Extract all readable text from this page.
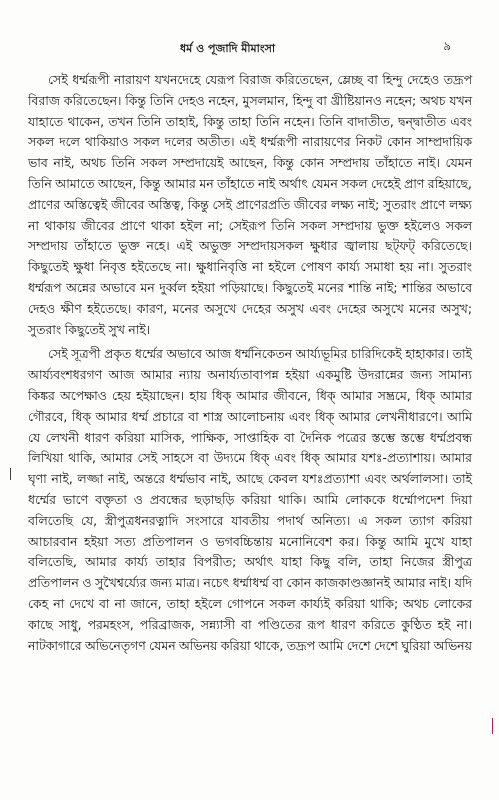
ধর্ম ও পূজাদি মীমাংসা	৯

সেই ধর্ম্মরূপী নারায়ণ যখনদেহে যেরূপ বিরাজ করিতেছেন, ম্লেচ্ছ বা হিন্দু দেহেও তদ্রূপ বিরাজ করিতেছেন। কিন্তু তিনি দেহও নহেন, মুসলমান, হিন্দু বা খ্রীষ্টিয়ানও নহেন; অথচ যখন যাহাতে থাকেন, তখন তিনি তাহাই, কিন্তু তাহা তিনি নহেন। তিনি বাদাতীত, দ্বন্দ্বাতীত এবং সকল দলে থাকিয়াও সকল দলের অতীত। এই ধর্ম্মরূপী নারায়ণের নিকট কোন সাম্প্রদায়িক ভাব নাই, অথচ তিনি সকল সম্প্রদায়েই আছেন, কিন্তু কোন সম্প্রদায় তাঁহাতে নাই। যেমন তিনি আমাতে আছেন, কিন্তু আমার মন তাঁহাতে নাই অর্থাৎ যেমন সকল দেহেই প্রাণ রহিয়াছে, প্রাণের অস্তিত্বেই জীবের অস্তিত্ব, কিন্তু সেই প্রাণেরপ্রতি জীবের লক্ষ্য নাই; সুতরাং প্রাণে লক্ষ্য না থাকায় জীবের প্রাণে থাকা হইল না; সেইরূপ তিনি সকল সম্প্রদায় ভুক্ত হইলেও সকল সম্প্রদায় তাঁহাতে ভুক্ত নহে। এই অভুক্ত সম্প্রদায়সকল ক্ষুধার জ্বালায় ছট্ফট্ করিতেছে। কিছুতেই ক্ষুধা নিবৃত্ত হইতেছে না। ক্ষুধানিবৃত্তি না হইলে পোষণ কার্য্য সমাধা হয় না। সুতরাং ধর্ম্মরূপ অন্নের অভাবে মন দুর্ব্বল হইয়া পড়িয়াছে। কিছুতেই মনের শান্তি নাই; শান্তির অভাবে দেহও ক্ষীণ হইতেছে। কারণ, মনের অসুখে দেহের অসুখ এবং দেহের অসুখে মনের অসুখ; সুতরাং কিছুতেই সুখ নাই।

সেই সূত্রপী প্রকৃত ধর্ম্মের অভাবে আজ ধর্ম্মনিকেতন আর্য্যভূমির চারিদিকেই হাহাকার। তাই আর্য্যবংশধরগণ আজ আমার ন্যায় অনার্য্যতাবাপন্ন হইয়া একমুষ্টি উদরান্নের জন্য সামান্য কিঙ্কর অপেক্ষাও হেয় হইয়াছেন। হায় ধিক্ আমার জীবনে, ধিক্ আমার সম্ভ্রমে, ধিক্ আমার গৌরবে, ধিক্ আমার ধর্ম্ম প্রচারে বা শাস্ত্র আলোচনায় এবং ধিক্ আমার লেখনীধারণে। আমি যে লেখনী ধারণ করিয়া মাসিক, পাক্ষিক, সাপ্তাহিক বা দৈনিক পত্রের স্তম্ভে স্তম্ভে ধর্ম্মপ্রবন্ধ লিখিয়া থাকি, আমার সেই সাহসে বা উদ্যমে ধিক্ এবং ধিক্ আমার যশঃ-প্রত্যাশায়। আমার ঘৃণা নাই, লজ্জা নাই, অন্তরে ধর্ম্মভাব নাই, আছে কেবল যশঃপ্রত্যাশা এবং অর্থলালসা। তাই ধর্ম্মের ভাণে বক্তৃতা ও প্রবন্ধের ছড়াছড়ি করিয়া থাকি। আমি লোককে ধর্ম্মোপদেশ দিয়া বলিতেছি যে, স্ত্রীপুত্রধনরত্নাদি সংসারে যাবতীয় পদার্থ অনিত্য। এ সকল ত্যাগ করিয়া আচারবান হইয়া সত্য প্রতিপালন ও ভগবচ্চিন্তায় মনোনিবেশ কর। কিন্তু আমি মুখে যাহা বলিতেছি, আমার কার্য্য তাহার বিপরীত; অর্থাৎ যাহা কিছু বলি, তাহা নিজের স্ত্রীপুত্র প্রতিপালন ও সুখৈশ্বর্য্যের জন্য মাত্র। নচেৎ ধর্ম্মাধর্ম্ম বা কোন কাজকাণ্ডজ্ঞানই আমার নাই। যদি কেহ না দেখে বা না জানে, তাহা হইলে গোপনে সকল কার্য্যই করিয়া থাকি; অথচ লোকের কাছে সাধু, পরমহংস, পরিব্রাজক, সন্ন্যাসী বা পণ্ডিতের রূপ ধারণ করিতে কুণ্ঠিত হই না। নাটকাগারে অভিনেতৃগণ যেমন অভিনয় করিয়া থাকে, তদ্রূপ আমি দেশে দেশে ঘুরিয়া অভিনয়
